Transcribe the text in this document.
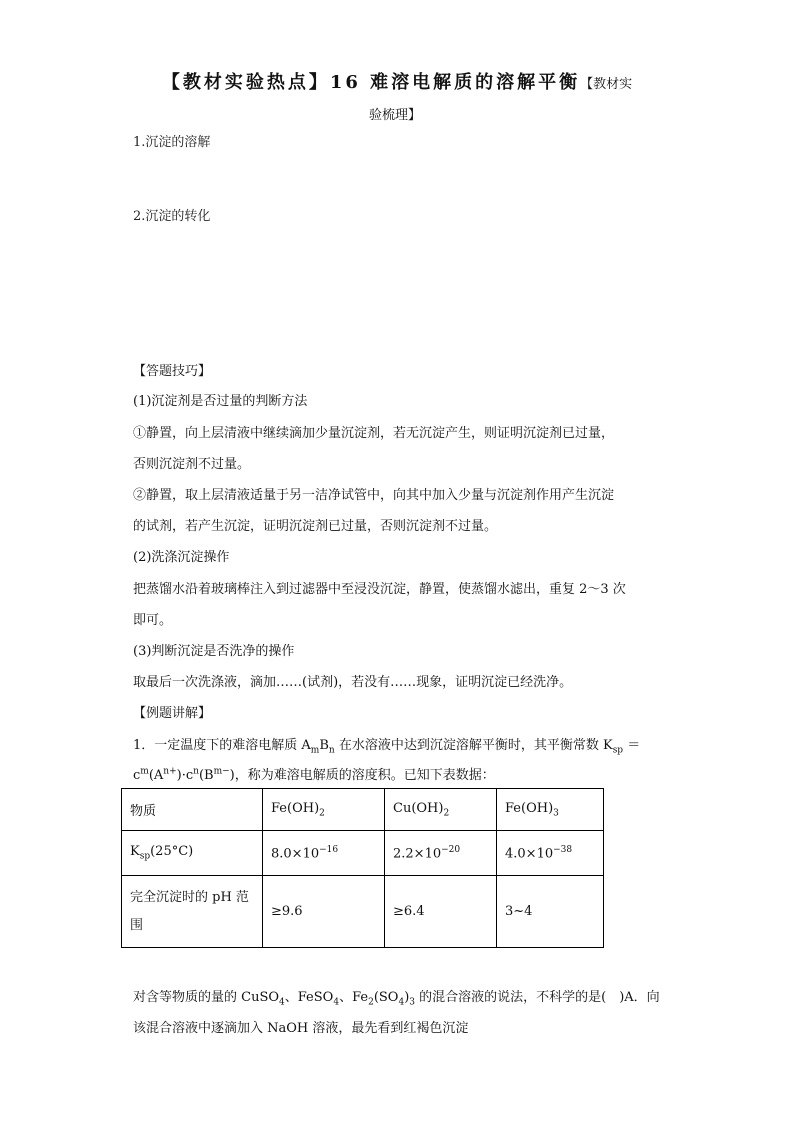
【教材实验热点】16 难溶电解质的溶解平衡【教材实
验梳理】
1.沉淀的溶解
2.沉淀的转化
【答题技巧】
(1)沉淀剂是否过量的判断方法
①静置，向上层清液中继续滴加少量沉淀剂，若无沉淀产生，则证明沉淀剂已过量，
否则沉淀剂不过量。
②静置，取上层清液适量于另一洁净试管中，向其中加入少量与沉淀剂作用产生沉淀
的试剂，若产生沉淀，证明沉淀剂已过量，否则沉淀剂不过量。
(2)洗涤沉淀操作
把蒸馏水沿着玻璃棒注入到过滤器中至浸没沉淀，静置，使蒸馏水滤出，重复 2～3 次
即可。
(3)判断沉淀是否洗净的操作
取最后一次洗涤液，滴加……(试剂)，若没有……现象，证明沉淀已经洗净。
【例题讲解】
1．一定温度下的难溶电解质 $A_mB_n$ 在水溶液中达到沉淀溶解平衡时，其平衡常数 $K_{sp}$ ＝
$c^m(A^{n+})\cdot c^n(B^{m-})$，称为难溶电解质的溶度积。已知下表数据：
物质	$Fe(OH)_2$	$Cu(OH)_2$	$Fe(OH)_3$
$K_{sp}(25^\circ C)$	$8.0\times 10^{-16}$	$2.2\times 10^{-20}$	$4.0\times 10^{-38}$
完全沉淀时的 pH 范
围	≥9.6	≥6.4	3~4
对含等物质的量的 CuSO$_4$、FeSO$_4$、$Fe_2(SO_4)_3$ 的混合溶液的说法，不科学的是(　)A．向
该混合溶液中逐滴加入 NaOH 溶液，最先看到红褐色沉淀
